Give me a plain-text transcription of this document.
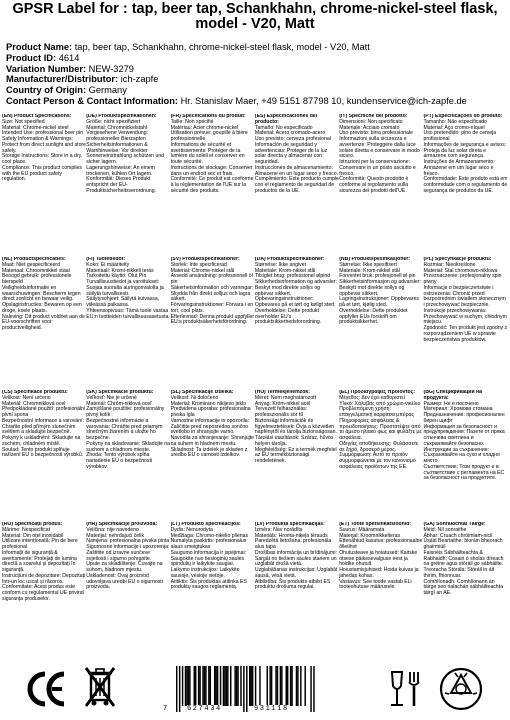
GPSR Label for : tap, beer tap, Schankhahn, chrome-nickel-steel flask, model - V20, Matt
Product Name: tap, beer tap, Schankhahn, chrome-nickel-steel flask, model - V20, Matt
Product ID: 4614
Variation Number: NEW-3279
Manufacturer/Distributor: ich-zapfe
Country of Origin: Germany
Contact Person & Contact Information: Hr. Stanislav Maer, +49 5151 87798 10, kundenservice@ich-zapfe.de
(EN) Product Specifications:
Size: Not specified
Material: Chrome-nickel steel
Intended Use: professional beer pin
Safety Information & Warnings: Protect from direct sunlight and store safely.
Storage Instructions: Store in a dry, cool place.
Compliance: This product complies with the EU product safety regulation.
(DE) Produktspezifikationen:
Größe: nicht spezifiziert
Material: Chromnickelstahl
Vorgesehene Verwendung: professioneller Bierzapfen
Sicherheitsinformationen & Warnhinweise: Vor direkter Sonneneinstrahlung schützen und sicher lagern.
Lagerungshinweise: An einem trockenen, kühlen Ort lagern.
Konformität: Dieses Produkt entspricht der EU-Produktsicherheitsverordnung.
(FR) Spécifications du produit:
Taille: Non spécifié
Matériau: Acier chrome-nickel
Utilisation prévue: goupille à bière professionnelle
Informations de sécurité et avertissements: Protéger de la lumière du soleil et conserver en toute sécurité.
Instructions de stockage: Conserver dans un endroit sec et frais.
Conformité: Ce produit est conforme à la réglementation de l'UE sur la sécurité des produits.
(ES) Especificaciones del producto:
Tamaño: No especificado
Material: Acero cromado-acero
Uso previsto: cerveza profesional
Información de seguridad y advertencias: Proteger de la luz solar directa y almacenar con seguridad.
Instrucciones de almacenamiento: Almacene en un lugar seco y fresco.
Cumplimiento: Este producto cumple con el reglamento de seguridad de productos de la UE.
(IT) Specifiche del prodotto:
Dimensioni: Non specificato
Materiale: Acciaio cromato
Uso previsto: birra professionale
Informazioni sulla sicurezza e avvertenze: Proteggere dalla luce solare diretta e conservare in modo sicuro.
Istruzioni per la conservazione: Conservare in un posto asciutto e fresco.
Conformità: Questo prodotto è conforme al regolamento sulla sicurezza dei prodotti dell'UE.
(PT) Especificações do produto:
Tamanho: Não especificado
Material: Aço cromo-níquel
Uso pretendido: pino de cerveja profissional
Informações de segurança e avisos: Proteja da luz solar direta e armazene com segurança.
Instruções de Armazenamento: Armazene em um lugar seco e fresco.
Conformidade: Este produto está em conformidade com o regulamento de segurança de produtos da UE.
(NL) Productspecificaties:
Maat: Niet gespecificeerd
Materiaal: Chroomnikkel staal
Beoogd gebruik: professionele bierspeld
Veiligheidsinformatie en waarschuwingen: Bescherm tegen direct zonlicht en bewaar veilig.
Opslaginstructies: Bewaren op een droge, koele plaats.
Naleving: Dit product voldoet aan de EU-voorschriften voor productveiligheid.
(FI) Tuotetiedot:
Koko: Ei määritelty
Materiaali: Kromi-nikkeli teräs
Tarkoitettu käyttö: Olut Pin
Turvallisuustiedot ja varoitukset: Suojaa suoralta auringonvalolta ja säilytä turvallisesti.
Säilytysohjeet: Säilytä kuivassa, viileässä paikassa.
Yhteensopivuus: Tämä tuote vastaa EU:n tuotteiden turvallisuusasetusta.
(SV) Produktspecifikationer:
Storlek: Inte specificerad
Material: Chrome-nickel stål
Avsedd användning: professionell öl pin
Säkerhetsinformation och varningar: Skydda från direkt solljus och lagra säkert.
Förvaringsinstruktioner: Förvara i en torr, cool plats.
Efterlevnad: Denna produkt uppfyller EU:s produktsäkerhetsförordning.
(DA) Produktspecifikationer:
Størrelse: Ikke angivet
Materiale: Krom-nikkel stål
Tilsigtet brug: professionel ølpind
Sikkerhedsinformation og advarsler: Beskyt mod direkte sollys og opbevar sikkert.
Opbevaringsinstruktioner: Opbevares på et tørt og køligt sted.
Overholdelse: Dette produkt overholder EU's produktsikkerhedsforordning.
(NB) Produktspesifikasjoner:
Størrelse: Ikke spesifisert
Materiale: Krom-nikkel stål
Forventet bruk: profesjonell øl pin
Sikkerhetsinformasjon og advarsler: Beskytt mot direkte sollys og oppbevar sikkert.
Lagringsinstruksjoner: Oppbevares på et tørt, kjølig sted.
Overholdelse: Dette produktet oppfyller EUs forskrift om produktsikkerhet.
(PL) Specyfikacje produktu:
Rozmiar: Nieokreślone
Materiał: Stal chromowo-niklowa
Przeznaczenie: profesjonalny spin piwny
Informacje o bezpieczeństwie i ostrzeżenia: Chronić przed bezpośrednim światłem słonecznym i przechowywać bezpiecznie.
Instrukcje przechowywania: Przechowywać w suchym, chłodnym miejscu.
Zgodność: Ten produkt jest zgodny z rozporządzeniem UE w sprawie bezpieczeństwa produktów.
(CS) Specifikace produktu:
Velikost: Není určeno
Materiál: Chromniklová ocel
Předpokládané použití: profesionální pivní spona
Bezpečnostní informace a varování: Chraňte před přímým slunečním světlem a skladujte bezpečně.
Pokyny k uskladnění: Skladujte na suchém, chladném místě.
Soulad: Tento produkt splňuje nařízení EU o bezpečnosti výrobků.
(SK) Špecifikácie produktu:
Veľkosť: Nie je určené
Materiál: Chróm-niklová oceľ
Zamýšľané použitie: profesionálny pivný kolík
Bezpečnostné informácie a varovania: Chráňte pred priamym slnečným žiarením a uložte ho bezpečne.
Pokyny na skladovanie: Skladujte na suchom a chladnom mieste.
Zhoda: Tento výrobok spĺňa nariadenie EÚ o bezpečnosti výrobkov.
(SL) Specifikacije izdelka:
Velikost: Ni določeno
Material: Kromirano nikljevo jeklo
Predvidena uporaba: profesionalna pivska igla
Varnostne informacije in opozorila: Zaščitite pred neposredno sončno svetlobo in shranjujte varno.
Navodila za shranjevanje: Shranjujte na suhem in hladnem mestu.
Skladnost: Ta izdelek je skladen z uredbo EU o varnosti izdelkov.
(HU) Termékjellemzők:
Méret: Nem meghatározott
Anyag: Króm-nikkel acél
Tervezett felhasználás: professzionális sör tű
Biztonsági információk és figyelmeztetések: Óvja a közvetlen napfénytől és tárolja biztonságosan.
Tárolási utasítások: Száraz, hűvös helyen tárolja.
Megfelelőség: Ez a termék megfelel az EU termékbiztonsági rendeletének.
(EL) Προδιαγραφές προϊόντος:
Μέγεθος: Δεν έχει καθοριστεί
Υλικό: Χάλυβας από χρώμιο-νικέλιο
Προβλεπόμενη χρήση: επαγγελματική καρφίτσα μπύρας
Πληροφορίες ασφάλειας & προειδοποιήσεις: Προστατέψτε από το άμεσο ηλιακό φως και φυλάξτε με ασφάλεια.
Οδηγίες αποθήκευσης: Φυλάσσετε σε ξηρό, δροσερό μέρος.
Συμμόρφωση: Αυτό το προϊόν συμμορφώνεται με τον κανονισμό ασφάλειας προϊόντων της ΕΕ.
(BG) Спецификации на продукта:
Размер: Не е посочено
Материал: Хромова стомана
Предназначение: професионален бирен щифт
Информация за безопасност и предупреждения: Пазете от пряка слънчева светлина и съхранявайте безопасно.
Инструкции за съхранение: Съхранявайте на сухо и хладно място.
Съответствие: Този продукт е в съответствие с регламента на ЕС за безопасност на продуктите.
(RO) Specificații produs:
Mărime: Nespecificat
Material: Din oțel inoxidabil
Utilizare intenționată: Pin de bere profesional
Informații de siguranță & avertismente: Protejați de lumina directă a soarelui și depozitați în siguranță.
Instrucțiuni de depozitare: Depozitați într-un loc uscat și răcoros.
Conformitate: Acest produs este conform cu regulamentul UE privind siguranța produselor.
(HR) Specifikacije proizvoda:
Veličina: nije navedeno
Materijal: nehrđajući čelik
Namjena: profesionalna pivska pinta
Sigurnosne informacije i upozorenja: Zaštitite od izravne sunčeve svjetlosti i sigurno pohranite.
Upute za skladištenje: Čuvajte na suhom, hladnom mjestu.
Usklađenost: Ovaj proizvod udovoljava uredbi EU o sigurnosti proizvoda.
(LT) Produkto specifikacijos:
Dydis: Nenurodyta
Medžiaga: Chromo-nikelio plienas
Numatyta paskirtis: profesionalus alaus smeigtukas
Saugumo informacija ir įspėjimai: Saugokite nuo tiesioginių saulės spindulių ir laikykite saugiai.
Laikymo instrukcijos: Laikykite sausoje, vėsioje vietoje.
Atitiktis: Šis produktas atitinka ES produktų saugos reglamentą.
(LV) Produkta specifikācijas:
Izmērs: Nav norādīts
Materiāls: Hroma-niķeļa tērauds
Paredzētā lietošana: profesionāla alus tapa
Drošības informācija un brīdinājumi: Sargāt no tiešiem saules stariem un uzglabāt drošā vietā.
Uzglabāšanas instrukcijas: Uzglabāt sausā, vēsā vietā.
Atbilstība: Šis produkts atbilst ES produktu drošuma regulai.
(ET) Toote spetsifikatsioonid:
Suurus: Määramata
Materjal: Kroomnikkelteras
Ettenähtud kasutus: professionaalne õlletihvt
Ohutusteave ja hoiatused: Kaitske otsese päikesevalguse eest ja hoidke ohutult.
Hoiustamisjuhised: Hoida kuivas ja jahedas kohas.
Vastavus: See toode vastab ELi tooteohutuse määrusele.
(GA) Sonraíochtaí Táirge:
Méid: Níl sonraithe
Ábhar: Cruach chróimiam-nicil
Úsáid Beartaithe: bioráin bheorach ghairmiúil
Faisnéis Sábháilteachta & Rabhaidh: Cosain ó sholas díreach na gréine agus stóráil go sábháilte.
Treoracha Stórála: Stóráil in áit thirim, fhionnuar.
Comhlíonadh: Comhlíonann an táirge seo rialachán sábháilteachta táirgí an AE.
7	627434	931118
